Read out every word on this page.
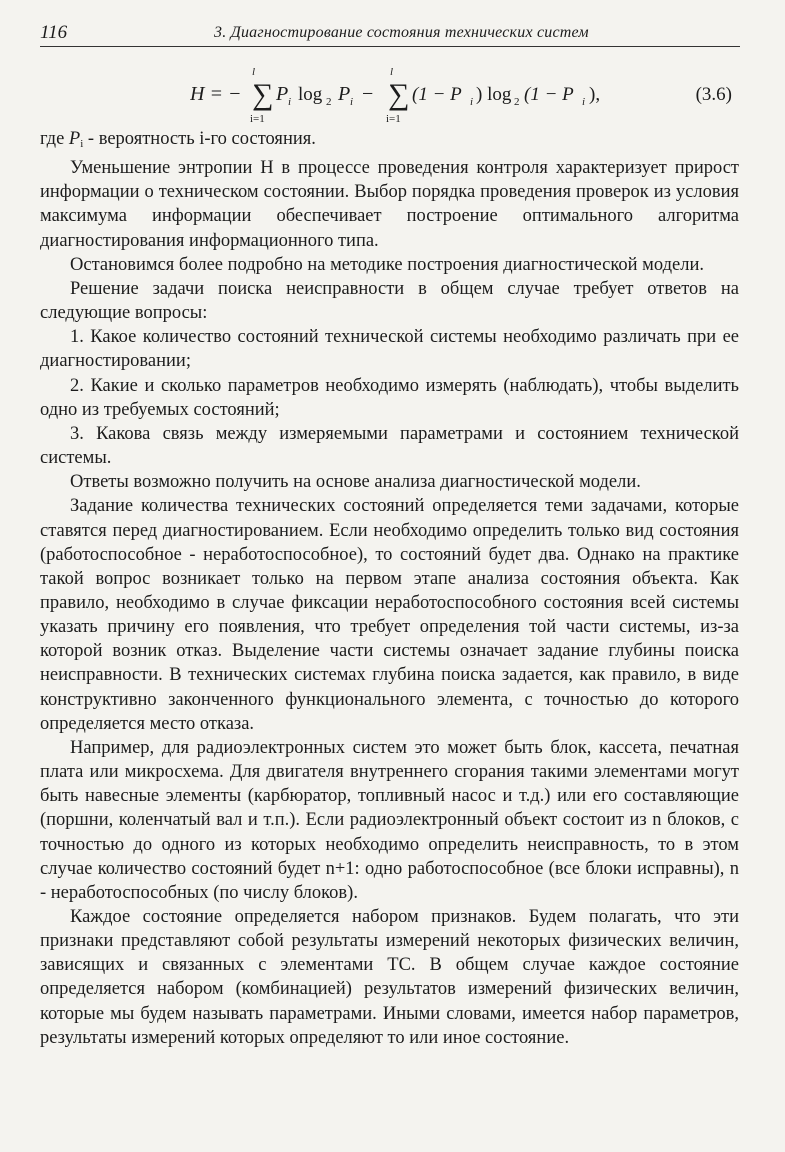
116	3. Диагностирование состояния технических систем
H = −
l
∑
i=1
P i log 2 P i −
l
∑
i=1
(1 − P i ) log 2 (1 − P i ),	(3.6)

где $P_i$ - вероятность i-го состояния.

Уменьшение энтропии Н в процессе проведения контроля характеризует прирост информации о техническом состоянии. Выбор порядка проведения проверок из условия максимума информации обеспечивает построение оптимального алгоритма диагностирования информационного типа.

Остановимся более подробно на методике построения диагностической модели.

Решение задачи поиска неисправности в общем случае требует ответов на следующие вопросы:

1. Какое количество состояний технической системы необходимо различать при ее диагностировании;

2. Какие и сколько параметров необходимо измерять (наблюдать), чтобы выделить одно из требуемых состояний;

3. Какова связь между измеряемыми параметрами и состоянием технической системы.

Ответы возможно получить на основе анализа диагностической модели.

Задание количества технических состояний определяется теми задачами, которые ставятся перед диагностированием. Если необходимо определить только вид состояния (работоспособное - неработоспособное), то состояний будет два. Однако на практике такой вопрос возникает только на первом этапе анализа состояния объекта. Как правило, необходимо в случае фиксации неработоспособного состояния всей системы указать причину его появления, что требует определения той части системы, из-за которой возник отказ. Выделение части системы означает задание глубины поиска неисправности. В технических системах глубина поиска задается, как правило, в виде конструктивно законченного функционального элемента, с точностью до которого определяется место отказа.

Например, для радиоэлектронных систем это может быть блок, кассета, печатная плата или микросхема. Для двигателя внутреннего сгорания такими элементами могут быть навесные элементы (карбюратор, топливный насос и т.д.) или его составляющие (поршни, коленчатый вал и т.п.). Если радиоэлектронный объект состоит из n блоков, с точностью до одного из которых необходимо определить неисправность, то в этом случае количество состояний будет n+1: одно работоспособное (все блоки исправны), n - неработоспособных (по числу блоков).

Каждое состояние определяется набором признаков. Будем полагать, что эти признаки представляют собой результаты измерений некоторых физических величин, зависящих и связанных с элементами ТС. В общем случае каждое состояние определяется набором (комбинацией) результатов измерений физических величин, которые мы будем называть параметрами. Иными словами, имеется набор параметров, результаты измерений которых определяют то или иное состояние.
